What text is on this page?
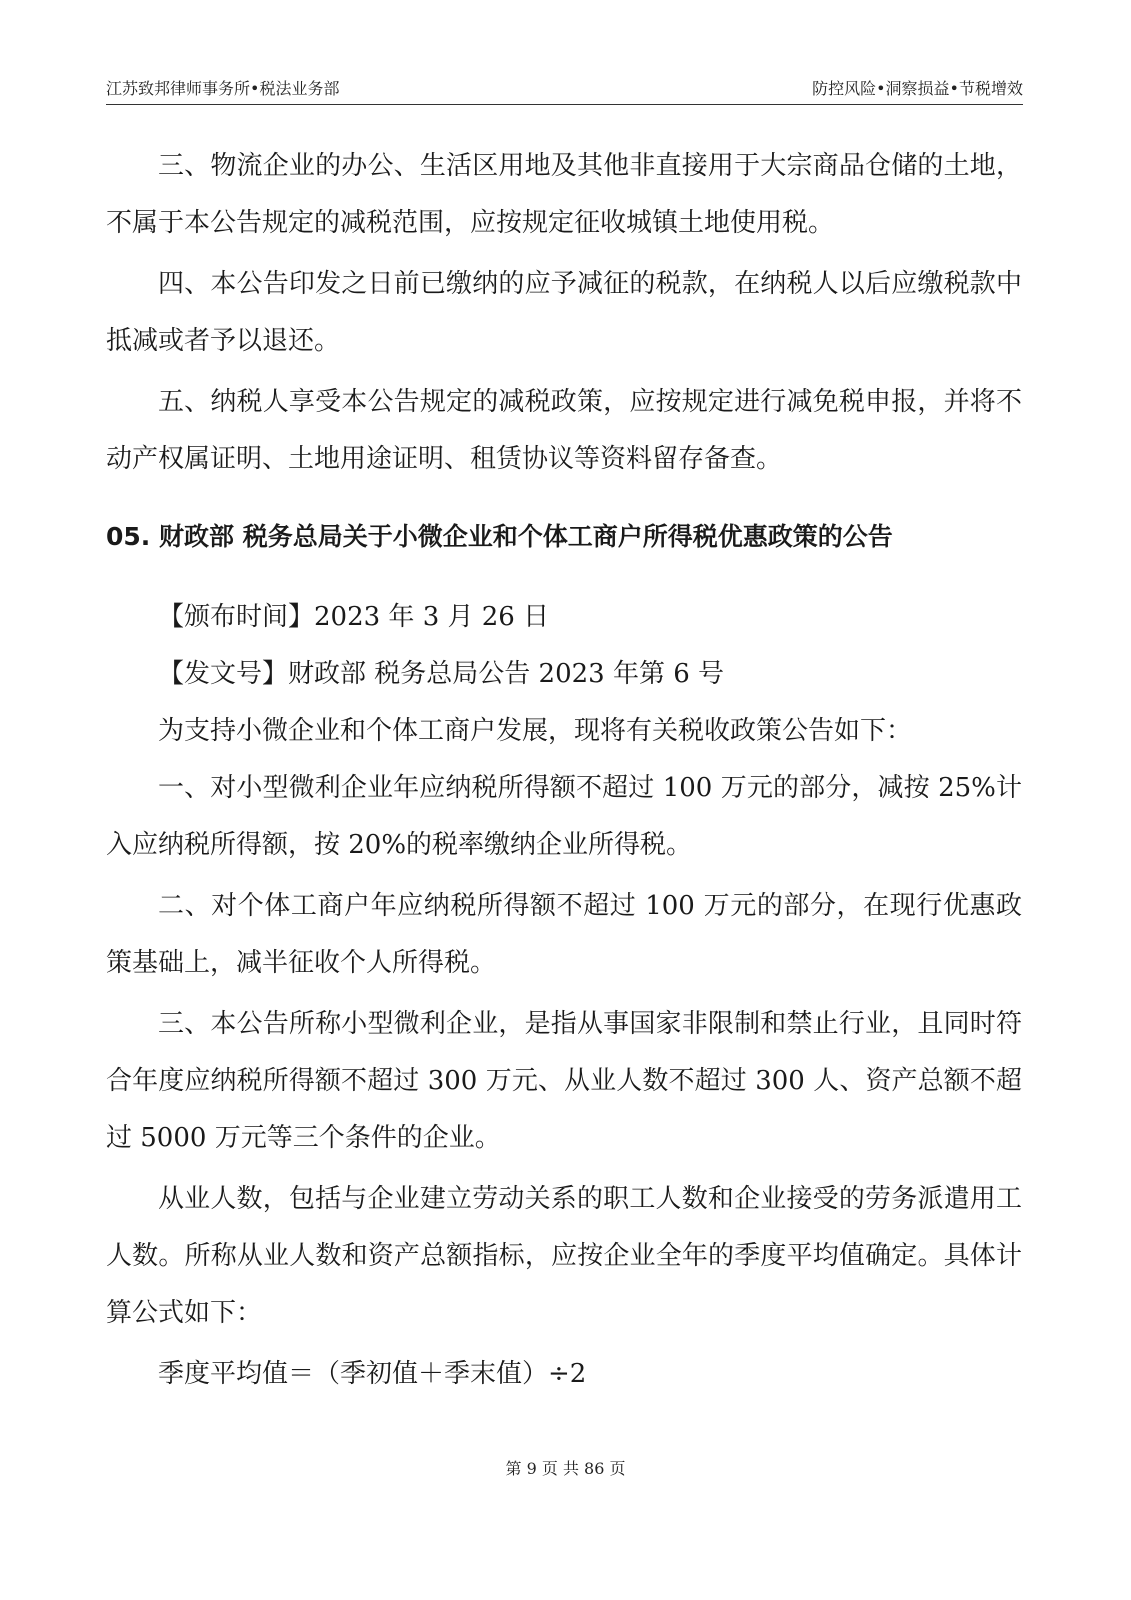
江苏致邦律师事务所•税法业务部	防控风险•洞察损益•节税增效

三、物流企业的办公、生活区用地及其他非直接用于大宗商品仓储的土地，不属于本公告规定的减税范围，应按规定征收城镇土地使用税。

四、本公告印发之日前已缴纳的应予减征的税款，在纳税人以后应缴税款中抵减或者予以退还。

五、纳税人享受本公告规定的减税政策，应按规定进行减免税申报，并将不动产权属证明、土地用途证明、租赁协议等资料留存备查。

05. 财政部 税务总局关于小微企业和个体工商户所得税优惠政策的公告

【颁布时间】2023 年 3 月 26 日

【发文号】财政部 税务总局公告 2023 年第 6 号

为支持小微企业和个体工商户发展，现将有关税收政策公告如下：

一、对小型微利企业年应纳税所得额不超过 100 万元的部分，减按 25%计入应纳税所得额，按 20%的税率缴纳企业所得税。

二、对个体工商户年应纳税所得额不超过 100 万元的部分，在现行优惠政策基础上，减半征收个人所得税。

三、本公告所称小型微利企业，是指从事国家非限制和禁止行业，且同时符合年度应纳税所得额不超过 300 万元、从业人数不超过 300 人、资产总额不超过 5000 万元等三个条件的企业。

从业人数，包括与企业建立劳动关系的职工人数和企业接受的劳务派遣用工人数。所称从业人数和资产总额指标，应按企业全年的季度平均值确定。具体计算公式如下：

季度平均值＝（季初值＋季末值）÷2

第 9 页 共 86 页
